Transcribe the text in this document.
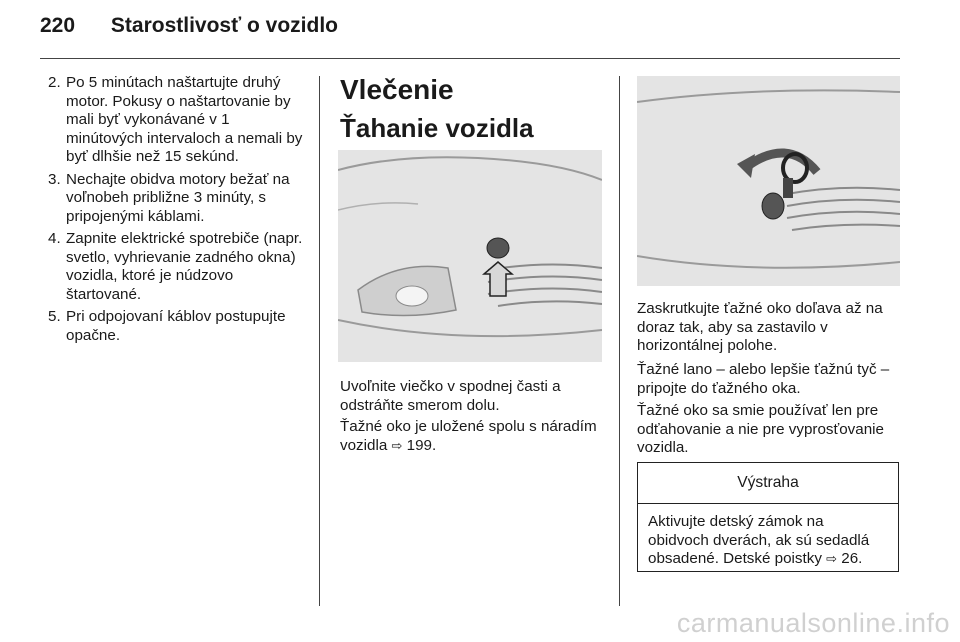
220 Starostlivosť o vozidlo
2. Po 5 minútach naštartujte druhý motor. Pokusy o naštartovanie by mali byť vykonávané v 1 minútových intervaloch a nemali by byť dlhšie než 15 sekúnd.
3. Nechajte obidva motory bežať na voľnobeh približne 3 minúty, s pripojenými káblami.
4. Zapnite elektrické spotrebiče (napr. svetlo, vyhrievanie zadného okna) vozidla, ktoré je núdzovo štartované.
5. Pri odpojovaní káblov postupujte opačne.
Vlečenie
Ťahanie vozidla

Uvoľnite viečko v spodnej časti a odstráňte smerom dolu.

Ťažné oko je uložené spolu s náradím vozidla ⇨ 199.

Zaskrutkujte ťažné oko doľava až na doraz tak, aby sa zastavilo v horizontálnej polohe.

Ťažné lano – alebo lepšie ťažnú tyč – pripojte do ťažného oka.

Ťažné oko sa smie používať len pre odťahovanie a nie pre vyprosťovanie vozidla.

Výstraha
Aktivujte detský zámok na obidvoch dverách, ak sú sedadlá obsadené. Detské poistky ⇨ 26.
carmanualsonline.info
